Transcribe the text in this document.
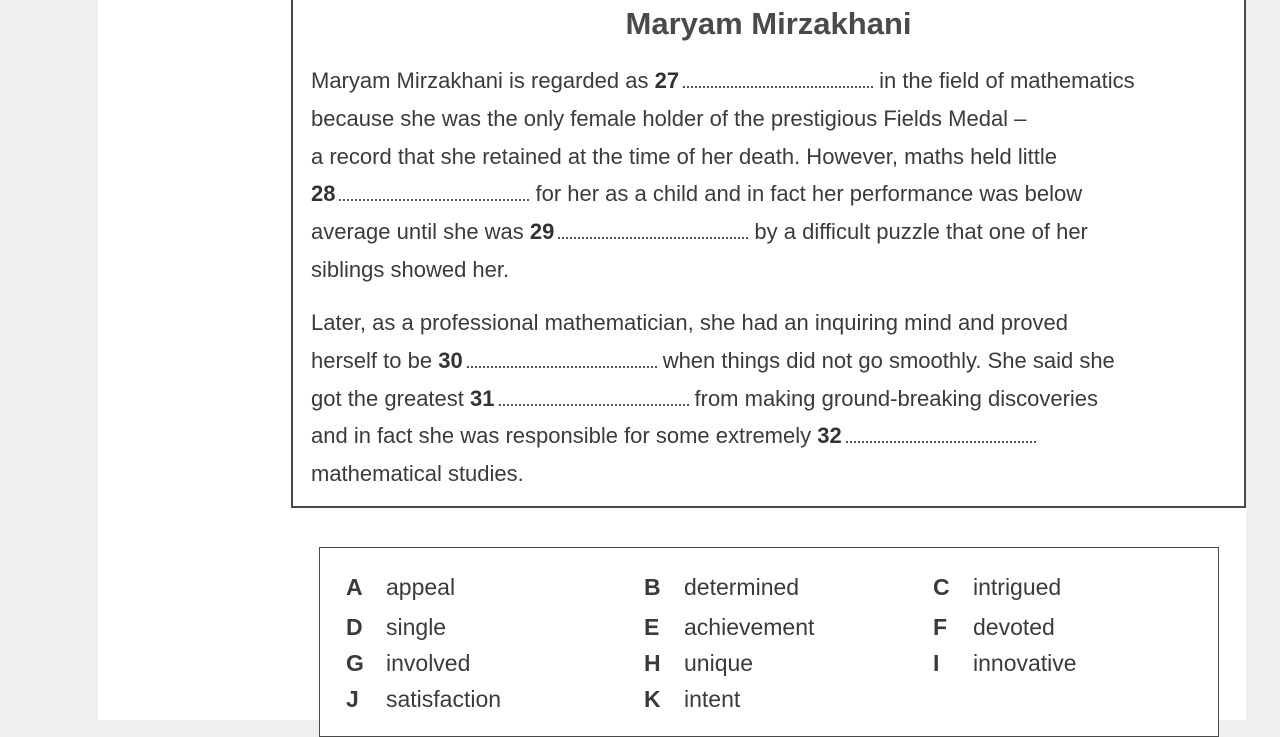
Maryam Mirzakhani
Maryam Mirzakhani is regarded as 27	in the field of mathematics
because she was the only female holder of the prestigious Fields Medal –
a record that she retained at the time of her death. However, maths held little
28	for her as a child and in fact her performance was below
average until she was 29	by a difficult puzzle that one of her
siblings showed her.
Later, as a professional mathematician, she had an inquiring mind and proved
herself to be 30	when things did not go smoothly. She said she
got the greatest 31	from making ground-breaking discoveries
and in fact she was responsible for some extremely 32
mathematical studies.
A appeal	B determined	C intrigued
D single	E achievement	F devoted
G involved	H unique	I innovative
J satisfaction	K intent
